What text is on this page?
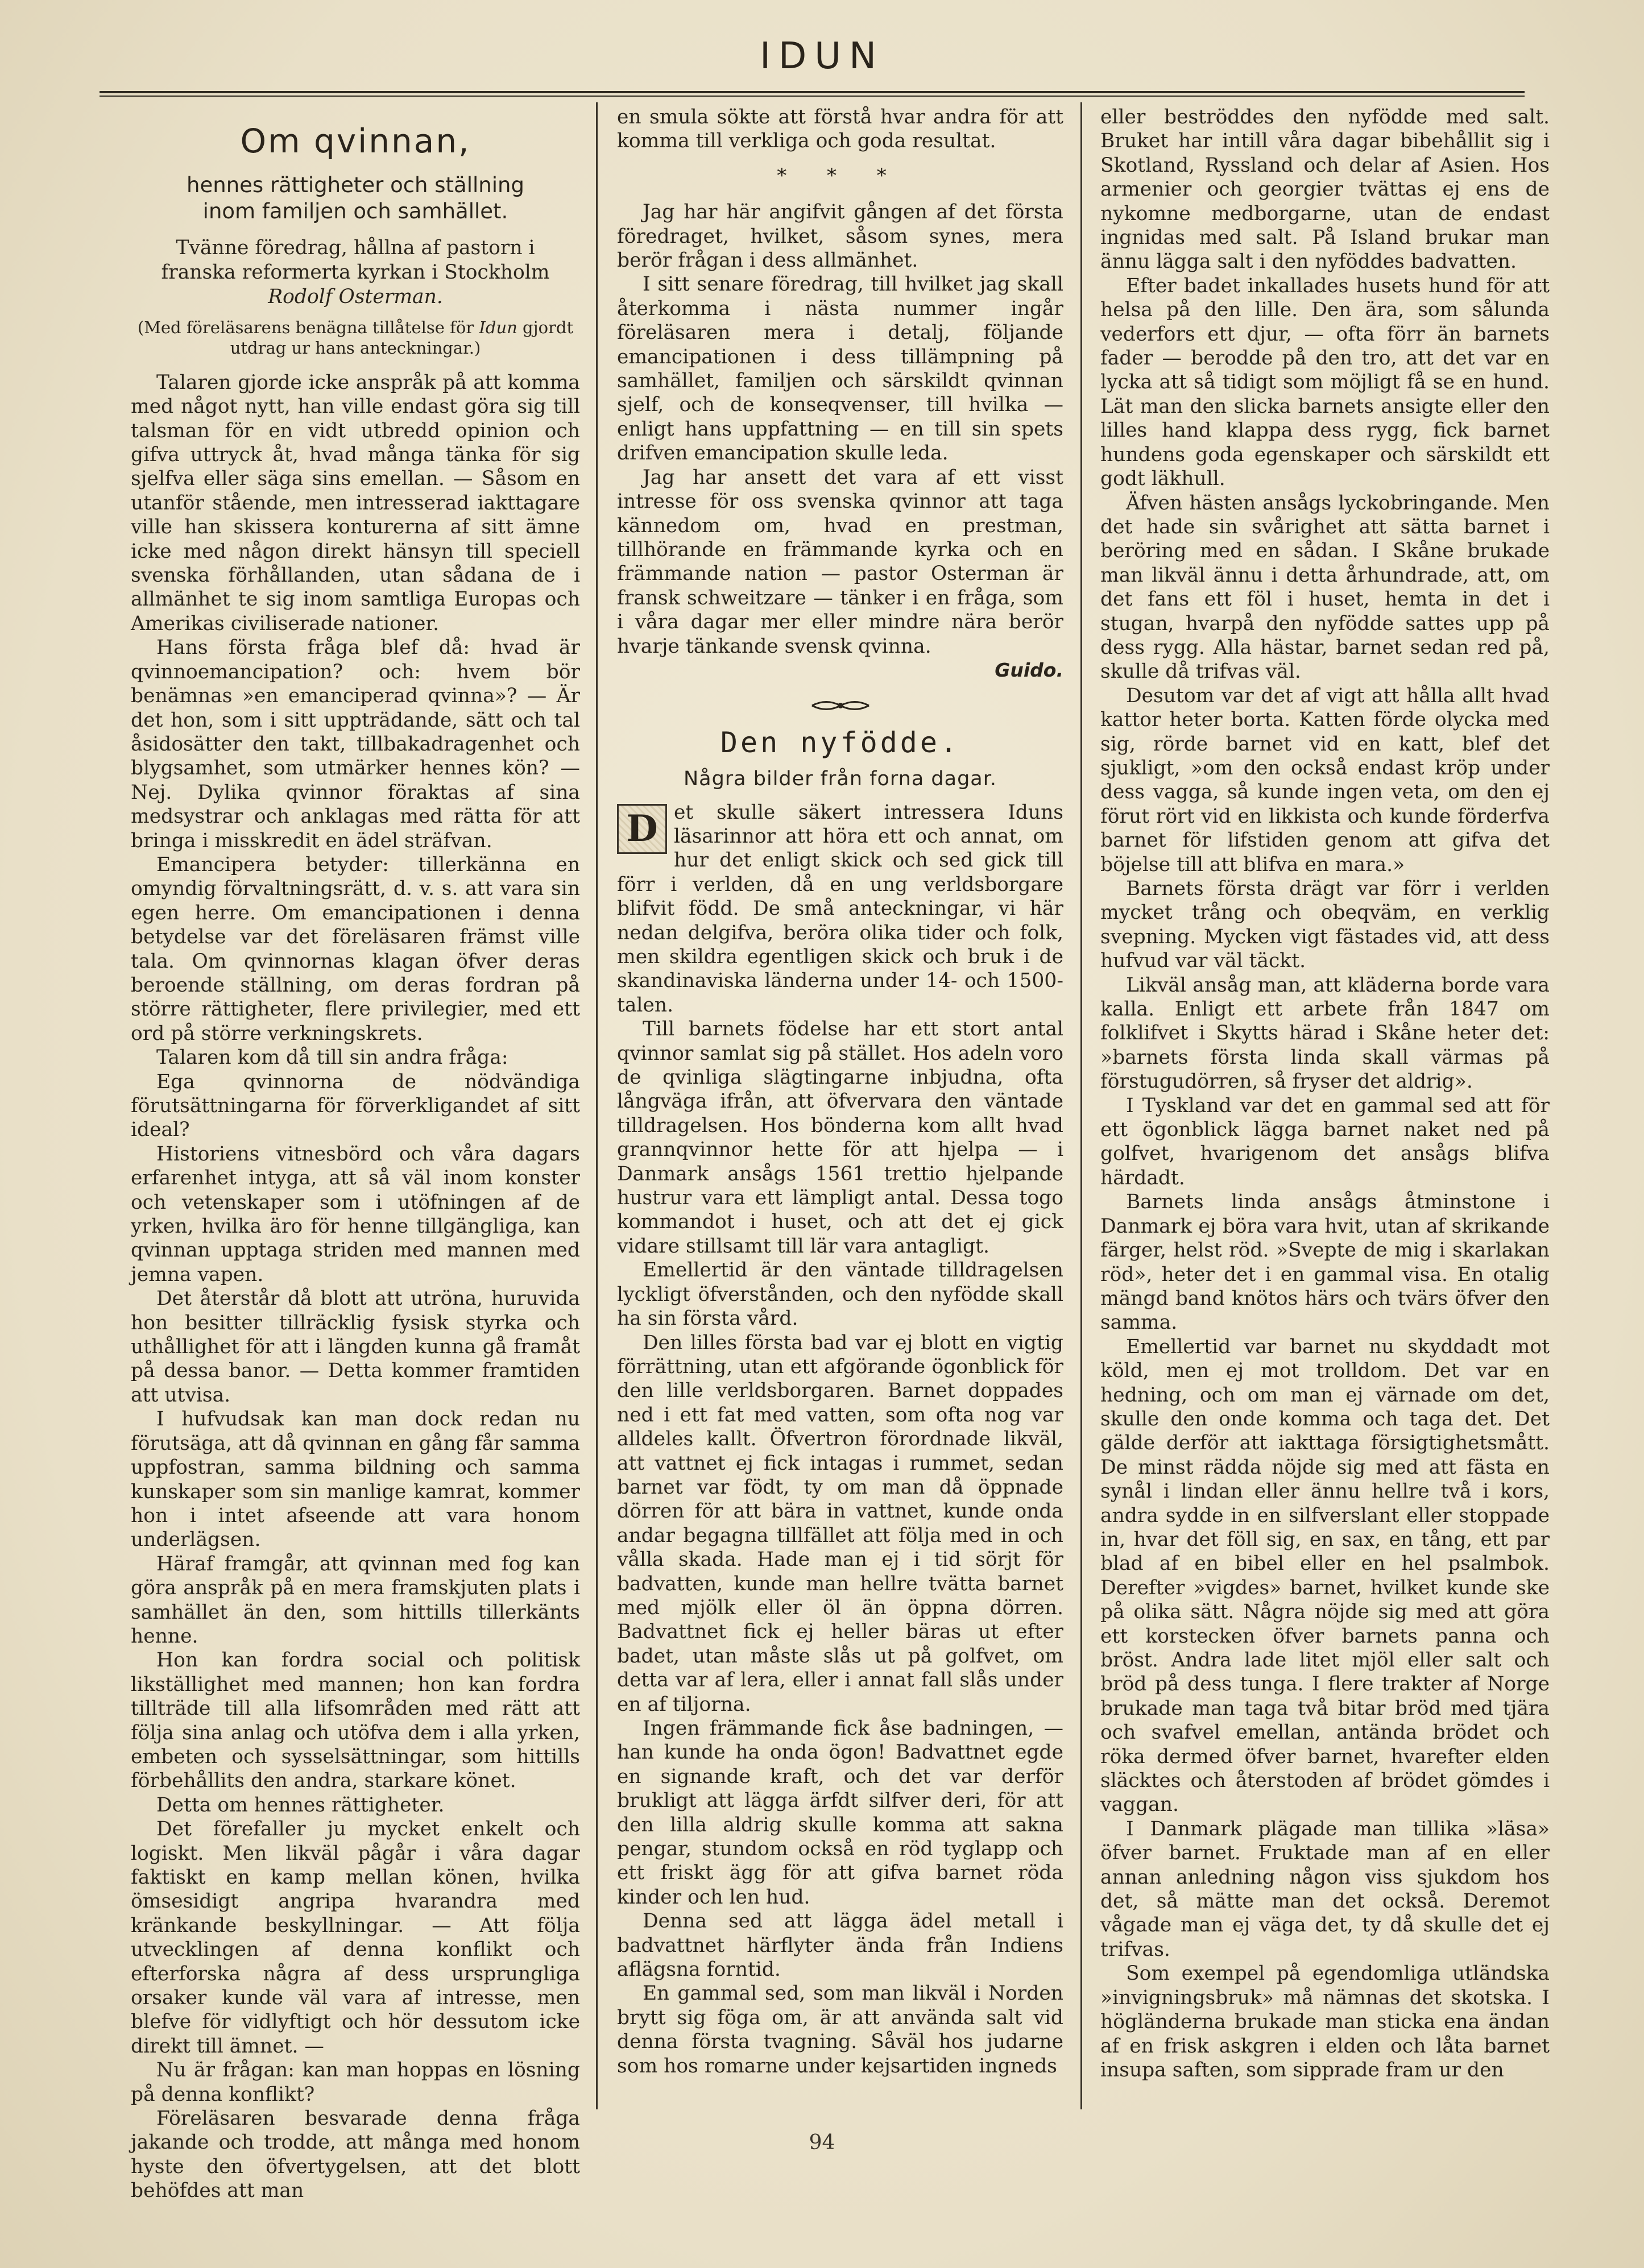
IDUN
Om qvinnan,
hennes rättigheter och ställning inom familjen och samhället.
Tvänne föredrag, hållna af pastorn i franska reformerta kyrkan i Stockholm
Rodolf Osterman.
(Med föreläsarens benägna tillåtelse för Idun gjordt utdrag ur hans anteckningar.)

Talaren gjorde icke anspråk på att komma med något nytt, han ville endast göra sig till talsman för en vidt utbredd opinion och gifva uttryck åt, hvad många tänka för sig sjelfva eller säga sins emellan. — Såsom en utanför stående, men intresserad iakttagare ville han skissera konturerna af sitt ämne icke med någon direkt hänsyn till speciell svenska förhållanden, utan sådana de i allmänhet te sig inom samtliga Europas och Amerikas civiliserade nationer.

Hans första fråga blef då: hvad är qvinnoemancipation? och: hvem bör benämnas »en emanciperad qvinna»? — Är det hon, som i sitt uppträdande, sätt och tal åsidosätter den takt, tillbakadragenhet och blygsamhet, som utmärker hennes kön? — Nej. Dylika qvinnor föraktas af sina medsystrar och anklagas med rätta för att bringa i misskredit en ädel sträfvan.

Emancipera betyder: tillerkänna en omyndig förvaltningsrätt, d. v. s. att vara sin egen herre. Om emancipationen i denna betydelse var det föreläsaren främst ville tala. Om qvinnornas klagan öfver deras beroende ställning, om deras fordran på större rättigheter, flere privilegier, med ett ord på större verkningskrets.

Talaren kom då till sin andra fråga:

Ega qvinnorna de nödvändiga förutsättningarna för förverkligandet af sitt ideal?

Historiens vitnesbörd och våra dagars erfarenhet intyga, att så väl inom konster och vetenskaper som i utöfningen af de yrken, hvilka äro för henne tillgängliga, kan qvinnan upptaga striden med mannen med jemna vapen.

Det återstår då blott att utröna, huruvida hon besitter tillräcklig fysisk styrka och uthållighet för att i längden kunna gå framåt på dessa banor. — Detta kommer framtiden att utvisa.

I hufvudsak kan man dock redan nu förutsäga, att då qvinnan en gång får samma uppfostran, samma bildning och samma kunskaper som sin manlige kamrat, kommer hon i intet afseende att vara honom underlägsen.

Häraf framgår, att qvinnan med fog kan göra anspråk på en mera framskjuten plats i samhället än den, som hittills tillerkänts henne.

Hon kan fordra social och politisk likställighet med mannen; hon kan fordra tillträde till alla lifsområden med rätt att följa sina anlag och utöfva dem i alla yrken, embeten och sysselsättningar, som hittills förbehållits den andra, starkare könet.

Detta om hennes rättigheter.

Det förefaller ju mycket enkelt och logiskt. Men likväl pågår i våra dagar faktiskt en kamp mellan könen, hvilka ömsesidigt angripa hvarandra med kränkande beskyllningar. — Att följa utvecklingen af denna konflikt och efterforska några af dess ursprungliga orsaker kunde väl vara af intresse, men blefve för vidlyftigt och hör dessutom icke direkt till ämnet. —

Nu är frågan: kan man hoppas en lösning på denna konflikt?

Föreläsaren besvarade denna fråga jakande och trodde, att många med honom hyste den öfvertygelsen, att det blott behöfdes att man

en smula sökte att förstå hvar andra för att komma till verkliga och goda resultat.

* * *

Jag har här angifvit gången af det första föredraget, hvilket, såsom synes, mera berör frågan i dess allmänhet.

I sitt senare föredrag, till hvilket jag skall återkomma i nästa nummer ingår föreläsaren mera i detalj, följande emancipationen i dess tillämpning på samhället, familjen och särskildt qvinnan sjelf, och de konseqvenser, till hvilka — enligt hans uppfattning — en till sin spets drifven emancipation skulle leda.

Jag har ansett det vara af ett visst intresse för oss svenska qvinnor att taga kännedom om, hvad en prestman, tillhörande en främmande kyrka och en främmande nation — pastor Osterman är fransk schweitzare — tänker i en fråga, som i våra dagar mer eller mindre nära berör hvarje tänkande svensk qvinna.

Guido.
Den nyfödde.
Några bilder från forna dagar.

D et skulle säkert intressera Iduns läsarinnor att höra ett och annat, om hur det enligt skick och sed gick till förr i verlden, då en ung verldsborgare blifvit född. De små anteckningar, vi här nedan delgifva, beröra olika tider och folk, men skildra egentligen skick och bruk i de skandinaviska länderna under 14- och 1500-talen.

Till barnets födelse har ett stort antal qvinnor samlat sig på stället. Hos adeln voro de qvinliga slägtingarne inbjudna, ofta långväga ifrån, att öfvervara den väntade tilldragelsen. Hos bönderna kom allt hvad grannqvinnor hette för att hjelpa — i Danmark ansågs 1561 trettio hjelpande hustrur vara ett lämpligt antal. Dessa togo kommandot i huset, och att det ej gick vidare stillsamt till lär vara antagligt.

Emellertid är den väntade tilldragelsen lyckligt öfverstånden, och den nyfödde skall ha sin första vård.

Den lilles första bad var ej blott en vigtig förrättning, utan ett afgörande ögonblick för den lille verldsborgaren. Barnet doppades ned i ett fat med vatten, som ofta nog var alldeles kallt. Öfvertron förordnade likväl, att vattnet ej fick intagas i rummet, sedan barnet var födt, ty om man då öppnade dörren för att bära in vattnet, kunde onda andar begagna tillfället att följa med in och vålla skada. Hade man ej i tid sörjt för badvatten, kunde man hellre tvätta barnet med mjölk eller öl än öppna dörren. Badvattnet fick ej heller bäras ut efter badet, utan måste slås ut på golfvet, om detta var af lera, eller i annat fall slås under en af tiljorna.

Ingen främmande fick åse badningen, — han kunde ha onda ögon! Badvattnet egde en signande kraft, och det var derför brukligt att lägga ärfdt silfver deri, för att den lilla aldrig skulle komma att sakna pengar, stundom också en röd tyglapp och ett friskt ägg för att gifva barnet röda kinder och len hud.

Denna sed att lägga ädel metall i badvattnet härflyter ända från Indiens aflägsna forntid.

En gammal sed, som man likväl i Norden brytt sig föga om, är att använda salt vid denna första tvagning. Såväl hos judarne som hos romarne under kejsartiden ingneds

eller beströddes den nyfödde med salt. Bruket har intill våra dagar bibehållit sig i Skotland, Ryssland och delar af Asien. Hos armenier och georgier tvättas ej ens de nykomne medborgarne, utan de endast ingnidas med salt. På Island brukar man ännu lägga salt i den nyföddes badvatten.

Efter badet inkallades husets hund för att helsa på den lille. Den ära, som sålunda vederfors ett djur, — ofta förr än barnets fader — berodde på den tro, att det var en lycka att så tidigt som möjligt få se en hund. Lät man den slicka barnets ansigte eller den lilles hand klappa dess rygg, fick barnet hundens goda egenskaper och särskildt ett godt läkhull.

Äfven hästen ansågs lyckobringande. Men det hade sin svårighet att sätta barnet i beröring med en sådan. I Skåne brukade man likväl ännu i detta århundrade, att, om det fans ett föl i huset, hemta in det i stugan, hvarpå den nyfödde sattes upp på dess rygg. Alla hästar, barnet sedan red på, skulle då trifvas väl.

Desutom var det af vigt att hålla allt hvad kattor heter borta. Katten förde olycka med sig, rörde barnet vid en katt, blef det sjukligt, »om den också endast kröp under dess vagga, så kunde ingen veta, om den ej förut rört vid en likkista och kunde förderfva barnet för lifstiden genom att gifva det böjelse till att blifva en mara.»

Barnets första drägt var förr i verlden mycket trång och obeqväm, en verklig svepning. Mycken vigt fästades vid, att dess hufvud var väl täckt.

Likväl ansåg man, att kläderna borde vara kalla. Enligt ett arbete från 1847 om folklifvet i Skytts härad i Skåne heter det: »barnets första linda skall värmas på förstugudörren, så fryser det aldrig».

I Tyskland var det en gammal sed att för ett ögonblick lägga barnet naket ned på golfvet, hvarigenom det ansågs blifva härdadt.

Barnets linda ansågs åtminstone i Danmark ej böra vara hvit, utan af skrikande färger, helst röd. »Svepte de mig i skarlakan röd», heter det i en gammal visa. En otalig mängd band knötos härs och tvärs öfver den samma.

Emellertid var barnet nu skyddadt mot köld, men ej mot trolldom. Det var en hedning, och om man ej värnade om det, skulle den onde komma och taga det. Det gälde derför att iakttaga försigtighetsmått. De minst rädda nöjde sig med att fästa en synål i lindan eller ännu hellre två i kors, andra sydde in en silfverslant eller stoppade in, hvar det föll sig, en sax, en tång, ett par blad af en bibel eller en hel psalmbok. Derefter »vigdes» barnet, hvilket kunde ske på olika sätt. Några nöjde sig med att göra ett korstecken öfver barnets panna och bröst. Andra lade litet mjöl eller salt och bröd på dess tunga. I flere trakter af Norge brukade man taga två bitar bröd med tjära och svafvel emellan, antända brödet och röka dermed öfver barnet, hvarefter elden släcktes och återstoden af brödet gömdes i vaggan.

I Danmark plägade man tillika »läsa» öfver barnet. Fruktade man af en eller annan anledning någon viss sjukdom hos det, så mätte man det också. Deremot vågade man ej väga det, ty då skulle det ej trifvas.

Som exempel på egendomliga utländska »invigningsbruk» må nämnas det skotska. I högländerna brukade man sticka ena ändan af en frisk askgren i elden och låta barnet insupa saften, som sipprade fram ur den

94
